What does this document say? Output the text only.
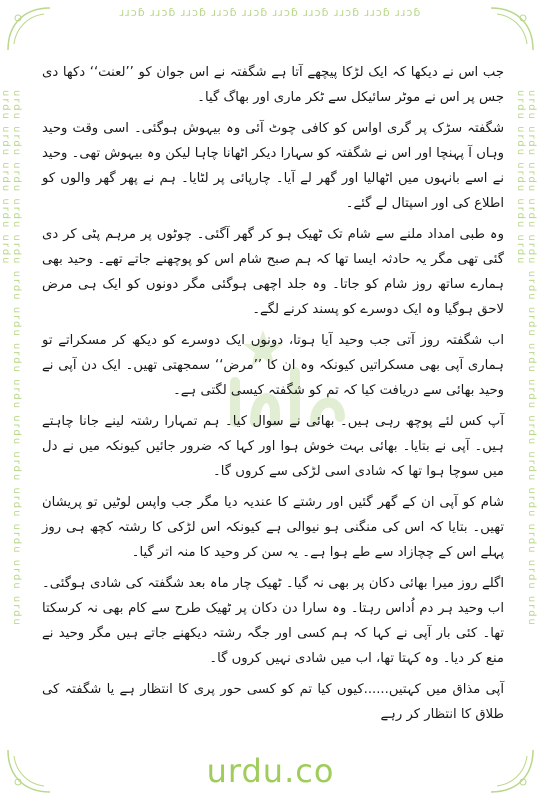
ɹɹɔɓ ɹɹɔɓ ɹɹɔɓ ɹɹɔɓ ɹɹɔɓ ɹɹɔɓ ɹɹɔɓ ɹɹɔɓ ɹɹɔɓ ɹɹɔɓ
urdu urdu urdu urdu urdu urdu urdu urdu urdu urdu urdu urdu urdu urdu urdu urdu urdu urdu urdu urdu	urdu urdu urdu urdu urdu urdu urdu urdu urdu urdu urdu urdu urdu urdu urdu urdu urdu urdu urdu urdu

جب اس نے دیکھا کہ ایک لڑکا پیچھے آتا ہے شگفتہ نے اس جوان کو ’’لعنت‘‘ دکھا دی جس پر اس نے موٹر سائیکل سے ٹکر ماری اور بھاگ گیا۔

شگفتہ سڑک پر گری اواس کو کافی چوٹ آئی وہ بیہوش ہوگئی۔ اسی وقت وحید وہاں آ پہنچا اور اس نے شگفتہ کو سہارا دیکر اٹھانا چاہا لیکن وہ بیہوش تھی۔ وحید نے اسے بانہوں میں اٹھالیا اور گھر لے آیا۔ چارپائی پر لٹایا۔ ہم نے پھر گھر والوں کو اطلاع کی اور اسپتال لے گئے۔

وہ طبی امداد ملنے سے شام تک ٹھیک ہو کر گھر آگئی۔ چوٹوں پر مرہم پٹی کر دی گئی تھی مگر یہ حادثہ ایسا تھا کہ ہم صبح شام اس کو پوچھنے جاتے تھے۔ وحید بھی ہمارے ساتھ روز شام کو جاتا۔ وہ جلد اچھی ہوگئی مگر دونوں کو ایک ہی مرض لاحق ہوگیا وہ ایک دوسرے کو پسند کرنے لگے۔

اب شگفتہ روز آتی جب وحید آیا ہوتا، دونوں ایک دوسرے کو دیکھ کر مسکراتے تو ہماری آپی بھی مسکراتیں کیونکہ وہ ان کا ’’مرض‘‘ سمجھتی تھیں۔ ایک دن آپی نے وحید بھائی سے دریافت کیا کہ تم کو شگفتہ کیسی لگتی ہے۔

آپ کس لئے پوچھ رہی ہیں۔ بھائی نے سوال کیا۔ ہم تمہارا رشتہ لینے جانا چاہتے ہیں۔ آپی نے بتایا۔ بھائی بہت خوش ہوا اور کہا کہ ضرور جائیں کیونکہ میں نے دل میں سوچا ہوا تھا کہ شادی اسی لڑکی سے کروں گا۔

شام کو آپی ان کے گھر گئیں اور رشتے کا عندیہ دیا مگر جب واپس لوٹیں تو پریشان تھیں۔ بتایا کہ اس کی منگنی ہو نیوالی ہے کیونکہ اس لڑکی کا رشتہ کچھ ہی روز پہلے اس کے چچازاد سے طے ہوا ہے۔ یہ سن کر وحید کا منہ اتر گیا۔

اگلے روز میرا بھائی دکان پر بھی نہ گیا۔ ٹھیک چار ماہ بعد شگفتہ کی شادی ہوگئی۔ اب وحید ہر دم اُداس رہتا۔ وہ سارا دن دکان پر ٹھیک طرح سے کام بھی نہ کرسکتا تھا۔ کئی بار آپی نے کہا کہ ہم کسی اور جگہ رشتہ دیکھنے جاتے ہیں مگر وحید نے منع کر دیا۔ وہ کہتا تھا، اب میں شادی نہیں کروں گا۔

آپی مذاق میں کہتیں......کیوں کیا تم کو کسی حور پری کا انتظار ہے یا شگفتہ کی طلاق کا انتظار کر رہے

urdu.co
